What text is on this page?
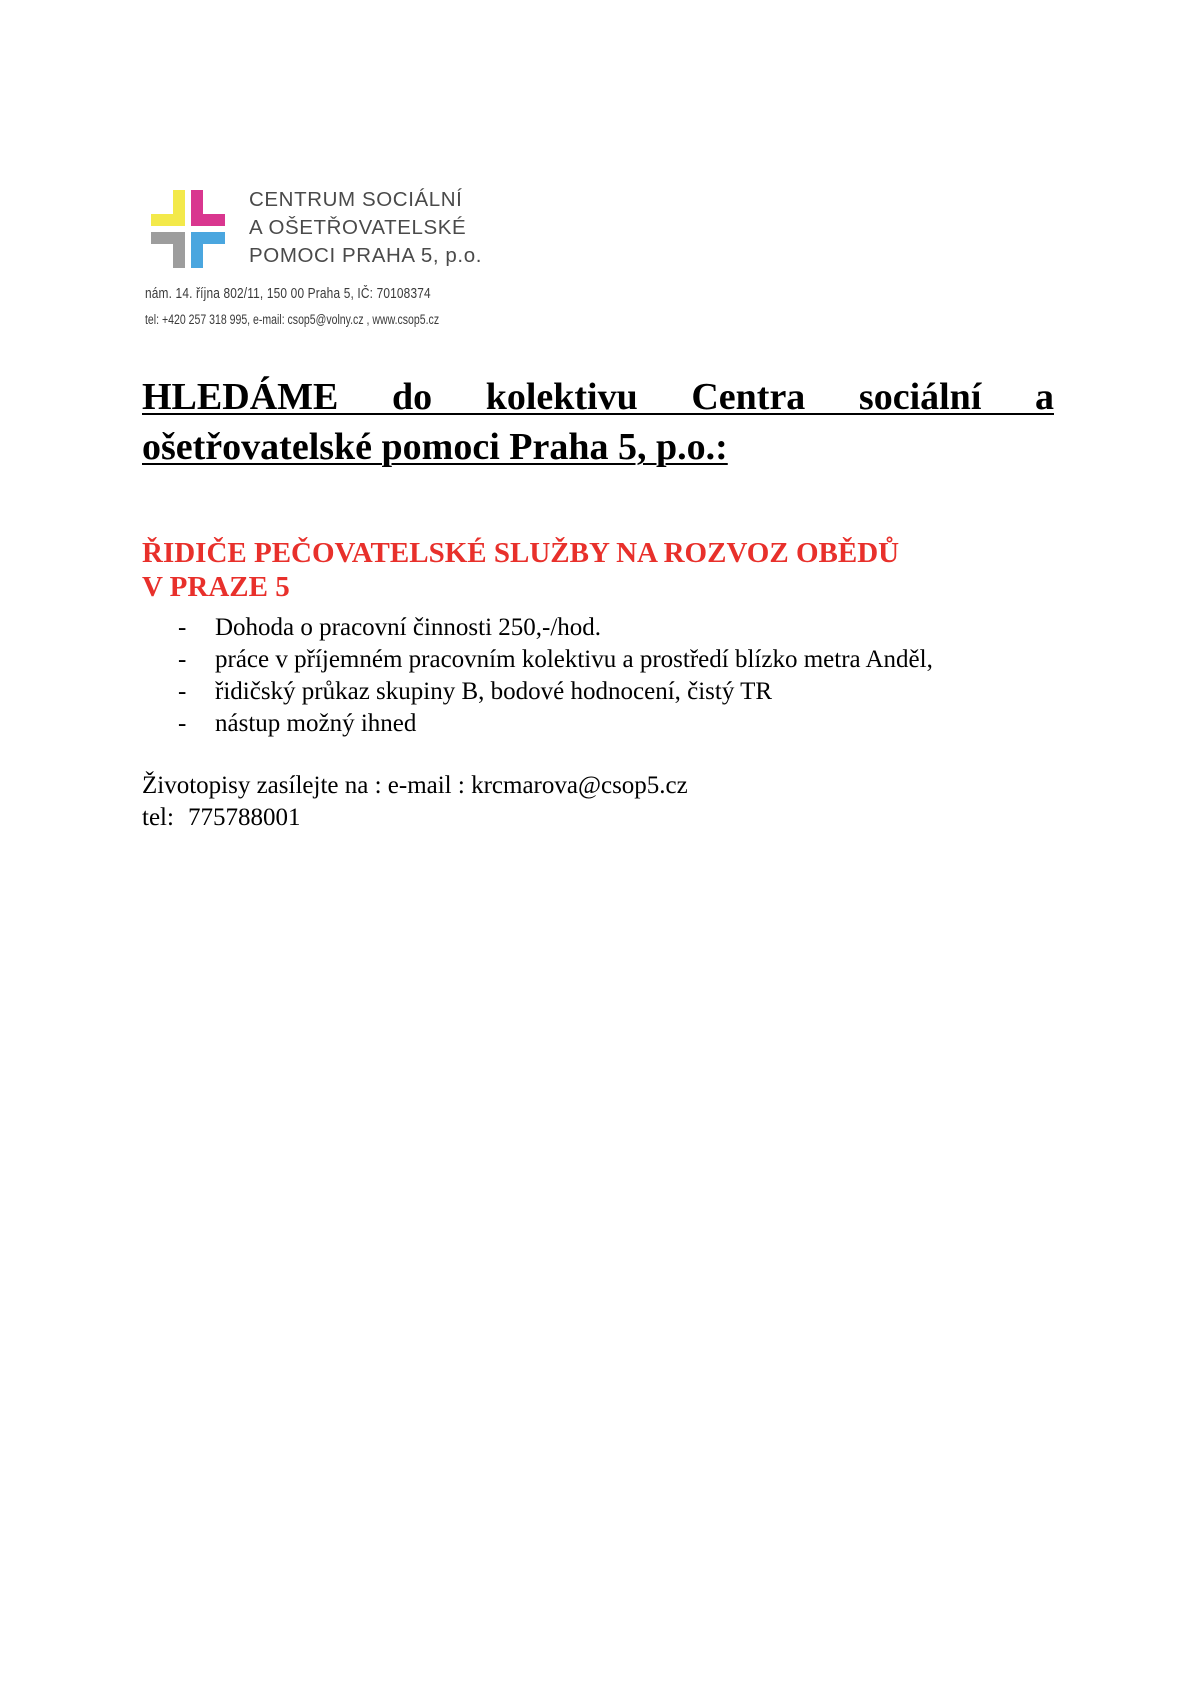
CENTRUM SOCIÁLNÍ
A OŠETŘOVATELSKÉ
POMOCI PRAHA 5, p.o.
nám. 14. října 802/11, 150 00 Praha 5, IČ: 70108374
tel: +420 257 318 995, e-mail: csop5@volny.cz , www.csop5.cz
HLEDÁME do kolektivu Centra sociální a
ošetřovatelské pomoci Praha 5, p.o.:
ŘIDIČE PEČOVATELSKÉ SLUŽBY NA ROZVOZ OBĚDŮ
V PRAZE 5
- Dohoda o pracovní činnosti 250,-/hod.
- práce v příjemném pracovním kolektivu a prostředí blízko metra Anděl,
- řidičský průkaz skupiny B, bodové hodnocení, čistý TR
- nástup možný ihned
Životopisy zasílejte na : e-mail : krcmarova@csop5.cz
tel: 775788001
